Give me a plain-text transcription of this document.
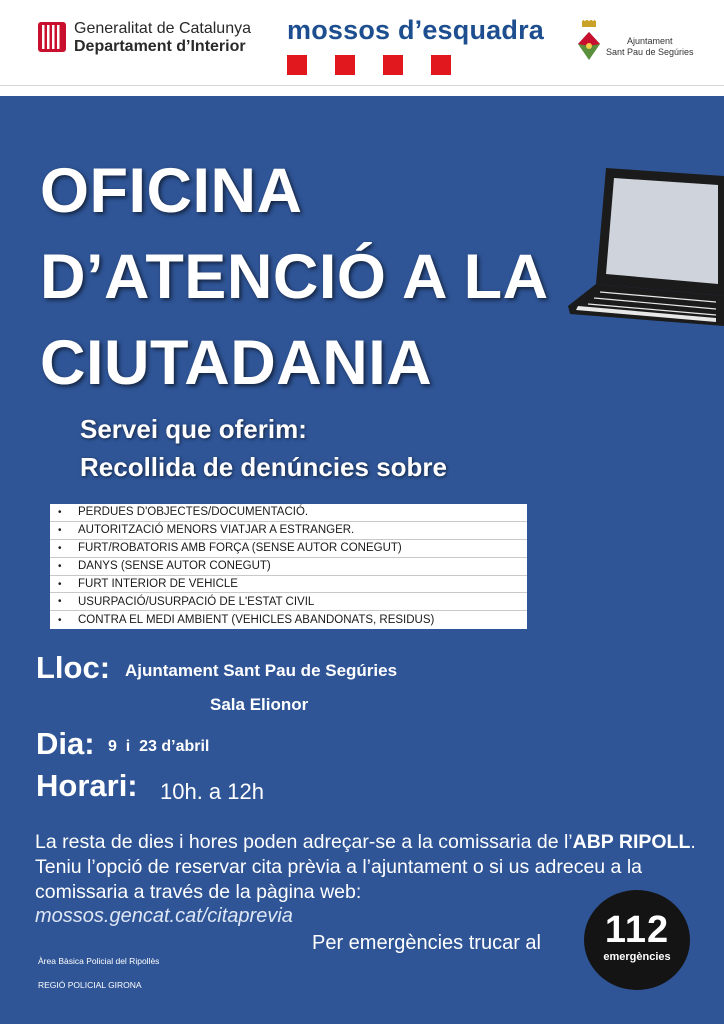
Generalitat de Catalunya
Departament d’Interior
mossos d’esquadra	Ajuntament
Sant Pau de Segúries
OFICINA
D’ATENCIÓ A LA
CIUTADANIA
Servei que oferim:
Recollida de denúncies sobre
•	PERDUES D'OBJECTES/DOCUMENTACIÓ.
•	AUTORITZACIÓ MENORS VIATJAR A ESTRANGER.
•	FURT/ROBATORIS AMB FORÇA (SENSE AUTOR CONEGUT)
•	DANYS (SENSE AUTOR CONEGUT)
•	FURT INTERIOR DE VEHICLE
•	USURPACIÓ/USURPACIÓ DE L'ESTAT CIVIL
•	CONTRA EL MEDI AMBIENT (VEHICLES ABANDONATS, RESIDUS)
Lloc: Ajuntament Sant Pau de Segúries
Sala Elionor
Dia: 9  i  23 d’abril
Horari: 10h. a 12h
La resta de dies i hores poden adreçar-se a la comissaria de l’ABP RIPOLL. Teniu l’opció de reservar cita prèvia a l’ajuntament o si us adreceu a la comissaria a través de la pàgina web:
mossos.gencat.cat/citaprevia
Per emergències trucar al	112
emergències
Àrea Bàsica Policial del Ripollès
REGIÓ POLICIAL GIRONA
